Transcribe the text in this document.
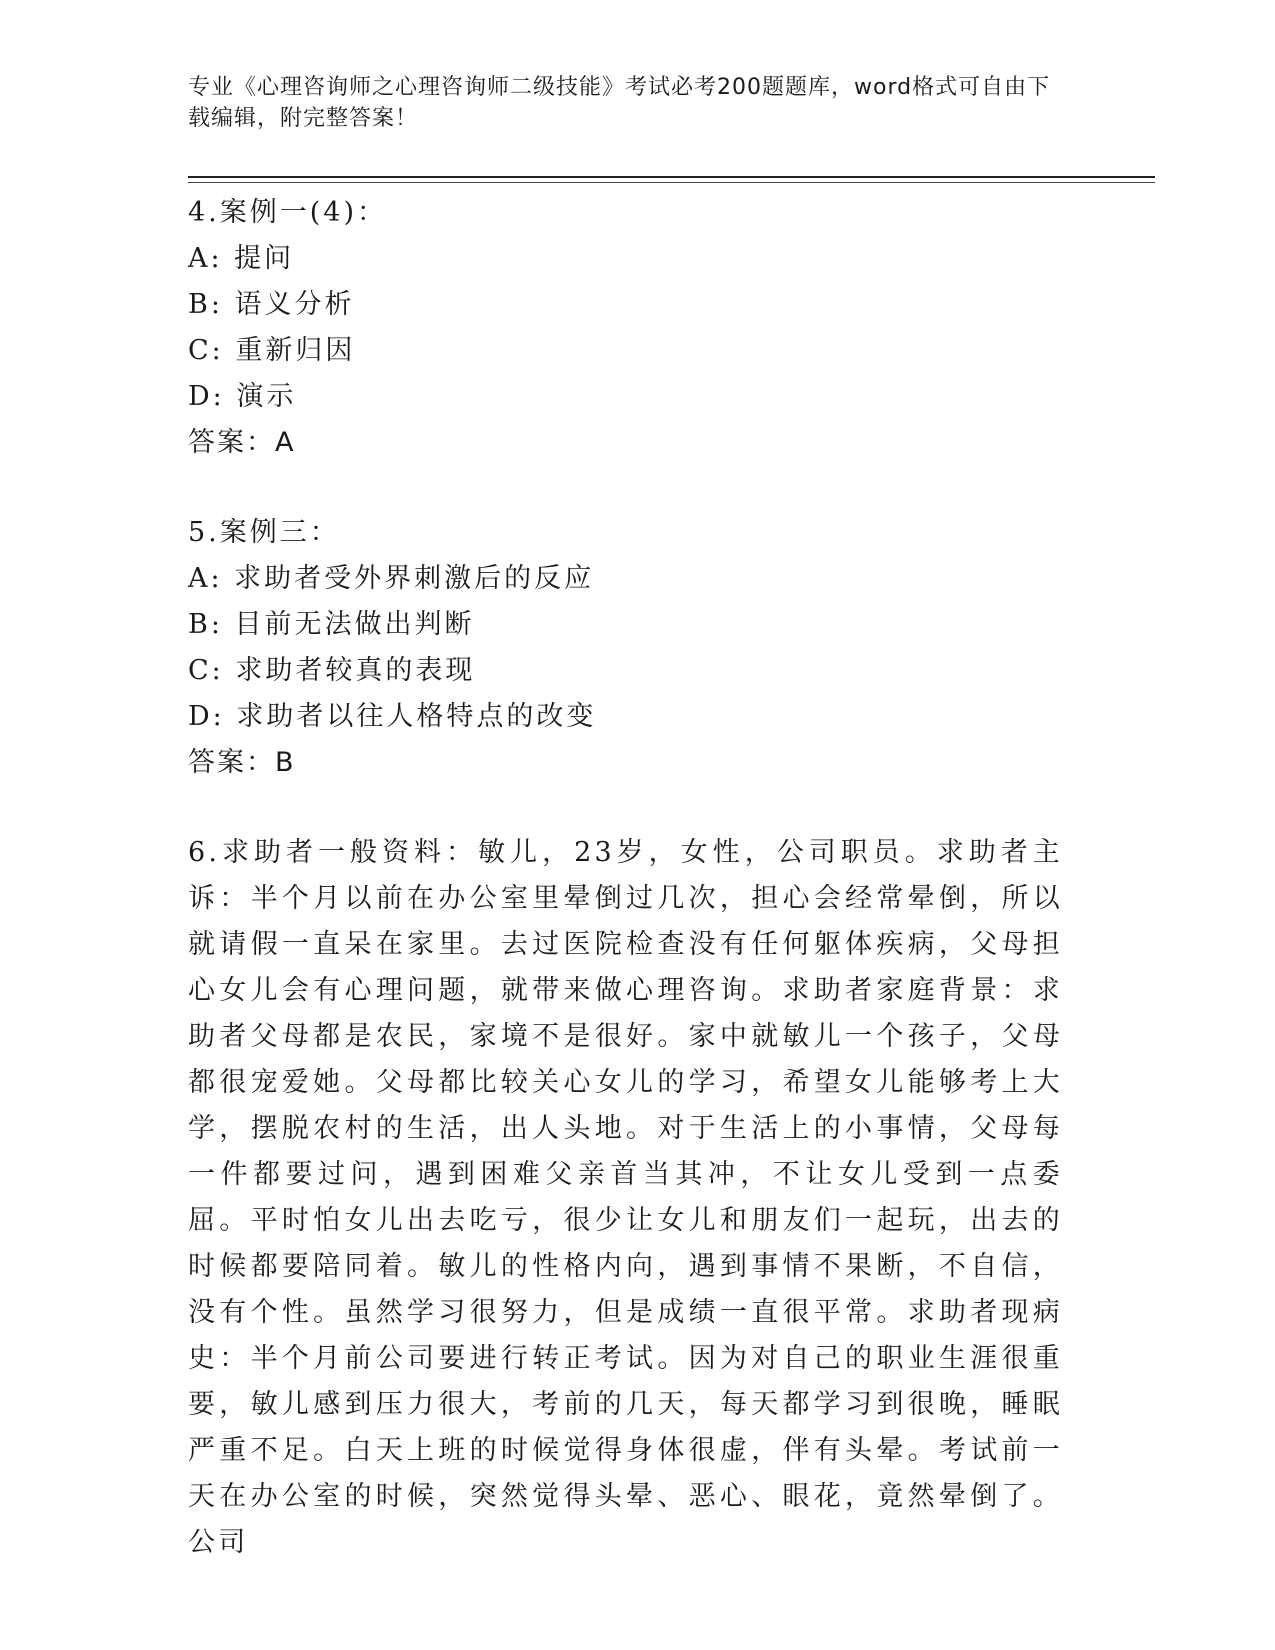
专业《心理咨询师之心理咨询师二级技能》考试必考200题题库，word格式可自由下载编辑，附完整答案！
4.案例一(4)：
A: 提问
B: 语义分析
C: 重新归因
D: 演示
答案：A
5.案例三：
A: 求助者受外界刺激后的反应
B: 目前无法做出判断
C: 求助者较真的表现
D: 求助者以往人格特点的改变
答案：B
6.求助者一般资料：敏儿，23岁，女性，公司职员。求助者主诉：半个月以前在办公室里晕倒过几次，担心会经常晕倒，所以就请假一直呆在家里。去过医院检查没有任何躯体疾病，父母担心女儿会有心理问题，就带来做心理咨询。求助者家庭背景：求助者父母都是农民，家境不是很好。家中就敏儿一个孩子，父母都很宠爱她。父母都比较关心女儿的学习，希望女儿能够考上大学，摆脱农村的生活，出人头地。对于生活上的小事情，父母每一件都要过问，遇到困难父亲首当其冲，不让女儿受到一点委屈。平时怕女儿出去吃亏，很少让女儿和朋友们一起玩，出去的时候都要陪同着。敏儿的性格内向，遇到事情不果断，不自信，没有个性。虽然学习很努力，但是成绩一直很平常。求助者现病史：半个月前公司要进行转正考试。因为对自己的职业生涯很重要，敏儿感到压力很大，考前的几天，每天都学习到很晚，睡眠严重不足。白天上班的时候觉得身体很虚，伴有头晕。考试前一天在办公室的时候，突然觉得头晕、恶心、眼花，竟然晕倒了。公司
